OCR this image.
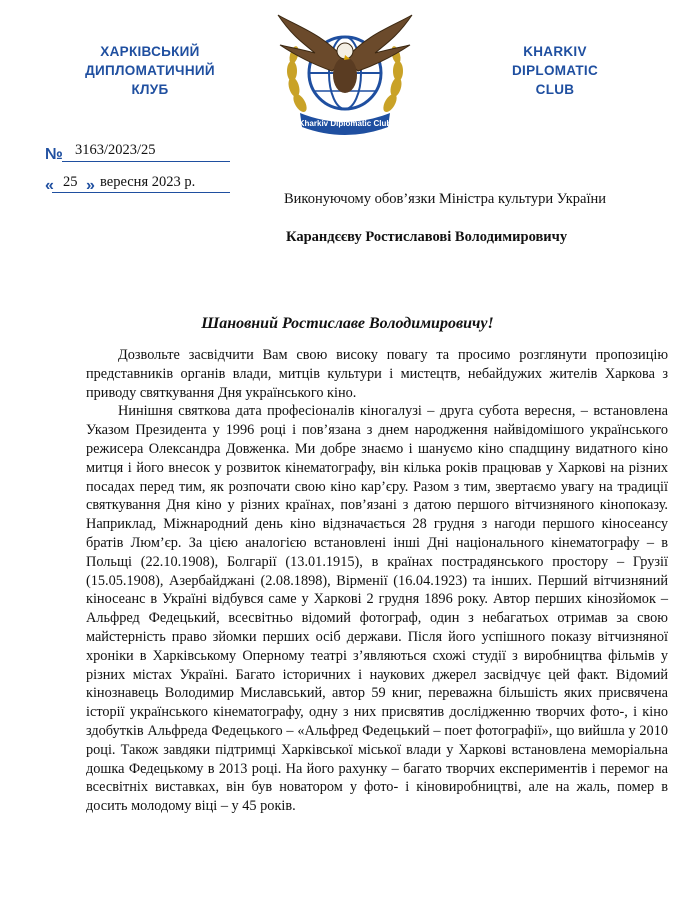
ХАРКІВСЬКИЙ
ДИПЛОМАТИЧНИЙ
КЛУБ
Kharkiv Diplomatic Club
KHARKIV
DIPLOMATIC
CLUB
№ 3163/2023/25
« 25 » вересня 2023 р.
Виконуючому обов’язки Міністра культури України
Карандєєву Ростиславові Володимировичу
Шановний Ростиславе Володимировичу!

Дозвольте засвідчити Вам свою високу повагу та просимо розглянути пропозицію представників органів влади, митців культури і мистецтв, небайдужих жителів Харкова з приводу святкування Дня українського кіно.

Нинішня святкова дата професіоналів кіногалузі – друга субота вересня, – встановлена Указом Президента у 1996 році і пов’язана з днем народження найвідомішого українського режисера Олександра Довженка. Ми добре знаємо і шануємо кіно спадщину видатного кіно митця і його внесок у розвиток кінематографу, він кілька років працював у Харкові на різних посадах перед тим, як розпочати свою кіно кар’єру. Разом з тим, звертаємо увагу на традиції святкування Дня кіно у різних країнах, пов’язані з датою першого вітчизняного кінопоказу. Наприклад, Міжнародний день кіно відзначається 28 грудня з нагоди першого кіносеансу братів Люм’єр. За цією аналогією встановлені інші Дні національного кінематографу – в Польщі (22.10.1908), Болгарії (13.01.1915), в країнах пострадянського простору – Грузії (15.05.1908), Азербайджані (2.08.1898), Вірменії (16.04.1923) та інших. Перший вітчизняний кіносеанс в Україні відбувся саме у Харкові 2 грудня 1896 року. Автор перших кінозйомок – Альфред Федецький, всесвітньо відомий фотограф, один з небагатьох отримав за свою майстерність право зйомки перших осіб держави. Після його успішного показу вітчизняної хроніки в Харківському Оперному театрі з’являються схожі студії з виробництва фільмів у різних містах Україні. Багато історичних і наукових джерел засвідчує цей факт. Відомий кінознавець Володимир Миславський, автор 59 книг, переважна більшість яких присвячена історії українського кінематографу, одну з них присвятив дослідженню творчих фото-, і кіно здобутків Альфреда Федецького – «Альфред Федецький – поет фотографії», що вийшла у 2010 році. Також завдяки підтримці Харківської міської влади у Харкові встановлена меморіальна дошка Федецькому в 2013 році. На його рахунку – багато творчих експериментів і перемог на всесвітніх виставках, він був новатором у фото- і кіновиробництві, але на жаль, помер в досить молодому віці – у 45 років.
